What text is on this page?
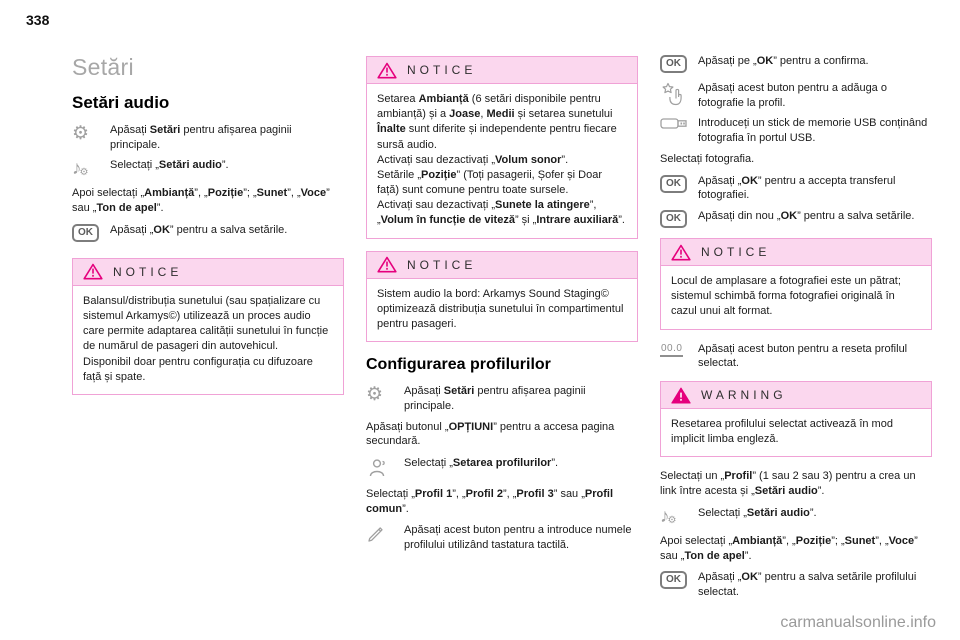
338
Setări
Setări audio
⚙ Apăsați Setări pentru afișarea paginii principale.
♪
⚙
Selectați „Setări audio”.

Apoi selectați „Ambianță”, „Poziție”; „Sunet”, „Voce” sau „Ton de apel”.

OK	Apăsați „OK” pentru a salva setările.
NOTICE
Balansul/distribuția sunetului (sau spațializare cu sistemul Arkamys©) utilizează un proces audio care permite adaptarea calității sunetului în funcție de numărul de pasageri din autovehicul.
Disponibil doar pentru configurația cu difuzoare față și spate.
NOTICE
Setarea Ambianță (6 setări disponibile pentru ambianță) și a Joase, Medii și setarea sunetului Înalte sunt diferite și independente pentru fiecare sursă audio.
Activați sau dezactivați „Volum sonor”.
Setările „Poziție” (Toți pasagerii, Șofer și Doar față) sunt comune pentru toate sursele.
Activați sau dezactivați „Sunete la atingere”, „Volum în funcție de viteză” și „Intrare auxiliară”.
NOTICE
Sistem audio la bord: Arkamys Sound Staging© optimizează distribuția sunetului în compartimentul pentru pasageri.
Configurarea profilurilor
⚙ Apăsați Setări pentru afișarea paginii principale.

Apăsați butonul „OPȚIUNI” pentru a accesa pagina secundară.

Selectați „Setarea profilurilor”.

Selectați „Profil 1”, „Profil 2”, „Profil 3” sau „Profil comun”.

Apăsați acest buton pentru a introduce numele profilului utilizând tastatura tactilă.
OK	Apăsați pe „OK” pentru a confirma.
Apăsați acest buton pentru a adăuga o fotografie la profil.
Introduceți un stick de memorie USB conținând fotografia în portul USB.

Selectați fotografia.

OK	Apăsați „OK” pentru a accepta transferul fotografiei.
OK	Apăsați din nou „OK” pentru a salva setările.
NOTICE
Locul de amplasare a fotografiei este un pătrat; sistemul schimbă forma fotografiei originală în cazul unui alt format.
00.0 Apăsați acest buton pentru a reseta profilul selectat.
WARNING
Resetarea profilului selectat activează în mod implicit limba engleză.

Selectați un „Profil” (1 sau 2 sau 3) pentru a crea un link între acesta și „Setări audio”.

♪
⚙
Selectați „Setări audio”.

Apoi selectați „Ambianță”, „Poziție”; „Sunet”, „Voce” sau „Ton de apel”.

OK	Apăsați „OK” pentru a salva setările profilului selectat.
carmanualsonline.info
